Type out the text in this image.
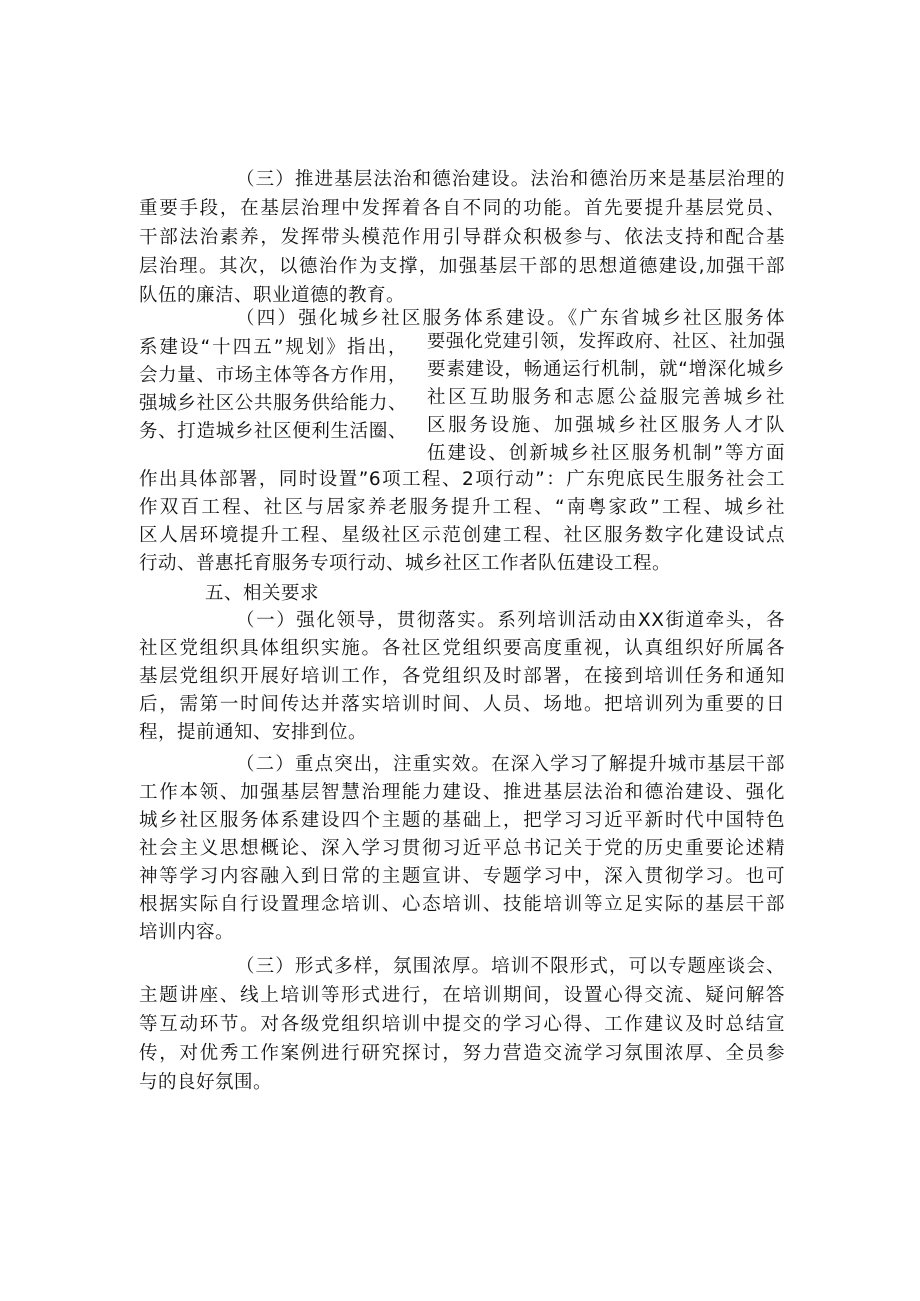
（三）推进基层法治和德治建设。法治和德治历来是基层治理的

重要手段，在基层治理中发挥着各自不同的功能。首先要提升基层党员、

干部法治素养，发挥带头模范作用引导群众积极参与、依法支持和配合基

层治理。其次，以德治作为支撑，加强基层干部的思想道德建设,加强干部

队伍的廉洁、职业道德的教育。

（四）强化城乡社区服务体系建设。《广东省城乡社区服务体

系建设“十四五”规划》指出，

会力量、市场主体等各方作用，

强城乡社区公共服务供给能力、

务、打造城乡社区便利生活圈、

要强化党建引领，发挥政府、社区、社加强

要素建设，畅通运行机制，就“增深化城乡

社区互助服务和志愿公益服完善城乡社

区服务设施、加强城乡社区服务人才队

伍建设、创新城乡社区服务机制”等方面

作出具体部署，同时设置”6项工程、2项行动”：广东兜底民生服务社会工

作双百工程、社区与居家养老服务提升工程、“南粤家政”工程、城乡社

区人居环境提升工程、星级社区示范创建工程、社区服务数字化建设试点

行动、普惠托育服务专项行动、城乡社区工作者队伍建设工程。

五、相关要求

（一）强化领导，贯彻落实。系列培训活动由XX街道牵头，各

社区党组织具体组织实施。各社区党组织要高度重视，认真组织好所属各

基层党组织开展好培训工作，各党组织及时部署，在接到培训任务和通知

后，需第一时间传达并落实培训时间、人员、场地。把培训列为重要的日

程，提前通知、安排到位。

（二）重点突出，注重实效。在深入学习了解提升城市基层干部

工作本领、加强基层智慧治理能力建设、推进基层法治和德治建设、强化

城乡社区服务体系建设四个主题的基础上，把学习习近平新时代中国特色

社会主义思想概论、深入学习贯彻习近平总书记关于党的历史重要论述精

神等学习内容融入到日常的主题宣讲、专题学习中，深入贯彻学习。也可

根据实际自行设置理念培训、心态培训、技能培训等立足实际的基层干部

培训内容。

（三）形式多样，氛围浓厚。培训不限形式，可以专题座谈会、

主题讲座、线上培训等形式进行，在培训期间，设置心得交流、疑问解答

等互动环节。对各级党组织培训中提交的学习心得、工作建议及时总结宣

传，对优秀工作案例进行研究探讨，努力营造交流学习氛围浓厚、全员参

与的良好氛围。
